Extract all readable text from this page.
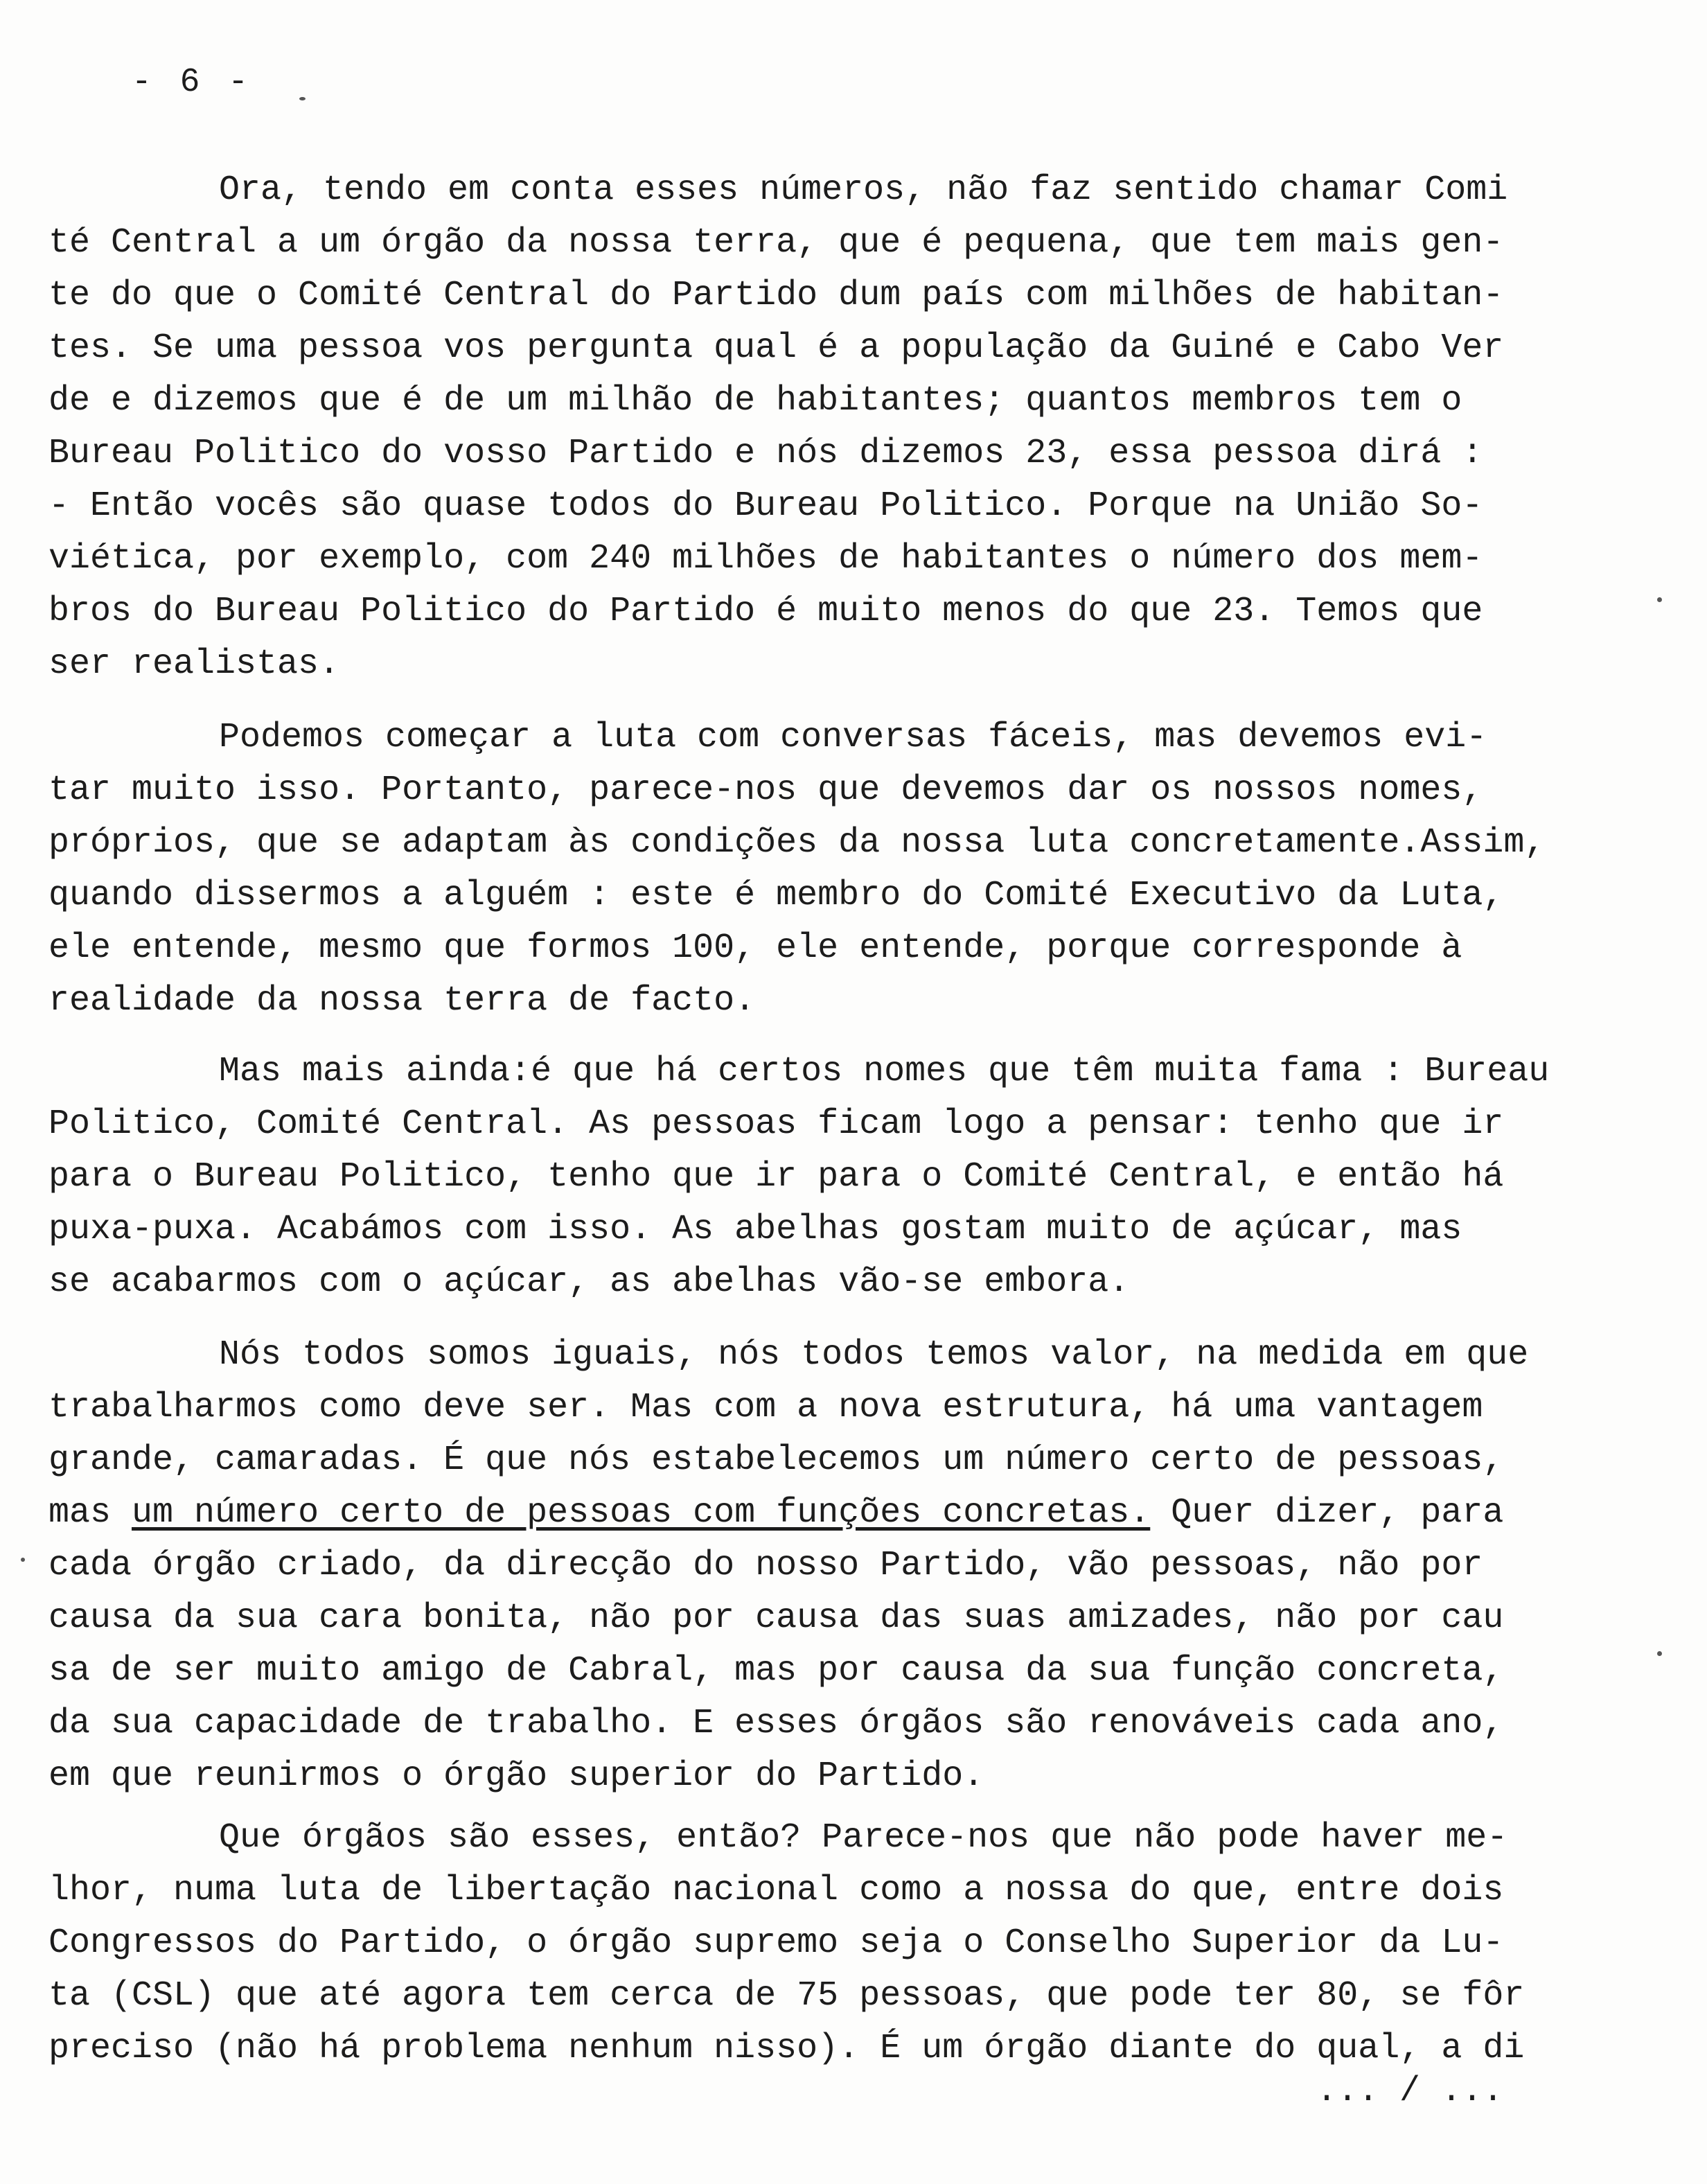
- 6 -
Ora, tendo em conta esses números, não faz sentido chamar Comi
té Central a um órgão da nossa terra, que é pequena, que tem mais gen-
te do que o Comité Central do Partido dum país com milhões de habitan-
tes. Se uma pessoa vos pergunta qual é a população da Guiné e Cabo Ver
de e dizemos que é de um milhão de habitantes; quantos membros tem o
Bureau Politico do vosso Partido e nós dizemos 23, essa pessoa dirá :
- Então vocês são quase todos do Bureau Politico. Porque na União So-
viética, por exemplo, com 240 milhões de habitantes o número dos mem-
bros do Bureau Politico do Partido é muito menos do que 23. Temos que
ser realistas.
Podemos começar a luta com conversas fáceis, mas devemos evi-
tar muito isso. Portanto, parece-nos que devemos dar os nossos nomes,
próprios, que se adaptam às condições da nossa luta concretamente.Assim,
quando dissermos a alguém : este é membro do Comité Executivo da Luta,
ele entende, mesmo que formos 100, ele entende, porque corresponde à
realidade da nossa terra de facto.
Mas mais ainda:é que há certos nomes que têm muita fama : Bureau
Politico, Comité Central. As pessoas ficam logo a pensar: tenho que ir
para o Bureau Politico, tenho que ir para o Comité Central, e então há
puxa-puxa. Acabámos com isso. As abelhas gostam muito de açúcar, mas
se acabarmos com o açúcar, as abelhas vão-se embora.
Nós todos somos iguais, nós todos temos valor, na medida em que
trabalharmos como deve ser. Mas com a nova estrutura, há uma vantagem
grande, camaradas. É que nós estabelecemos um número certo de pessoas,
mas um número certo de pessoas com funções concretas. Quer dizer, para
cada órgão criado, da direcção do nosso Partido, vão pessoas, não por
causa da sua cara bonita, não por causa das suas amizades, não por cau
sa de ser muito amigo de Cabral, mas por causa da sua função concreta,
da sua capacidade de trabalho. E esses órgãos são renováveis cada ano,
em que reunirmos o órgão superior do Partido.
Que órgãos são esses, então? Parece-nos que não pode haver me-
lhor, numa luta de libertação nacional como a nossa do que, entre dois
Congressos do Partido, o órgão supremo seja o Conselho Superior da Lu-
ta (CSL) que até agora tem cerca de 75 pessoas, que pode ter 80, se fôr
preciso (não há problema nenhum nisso). É um órgão diante do qual, a di
... / ...
